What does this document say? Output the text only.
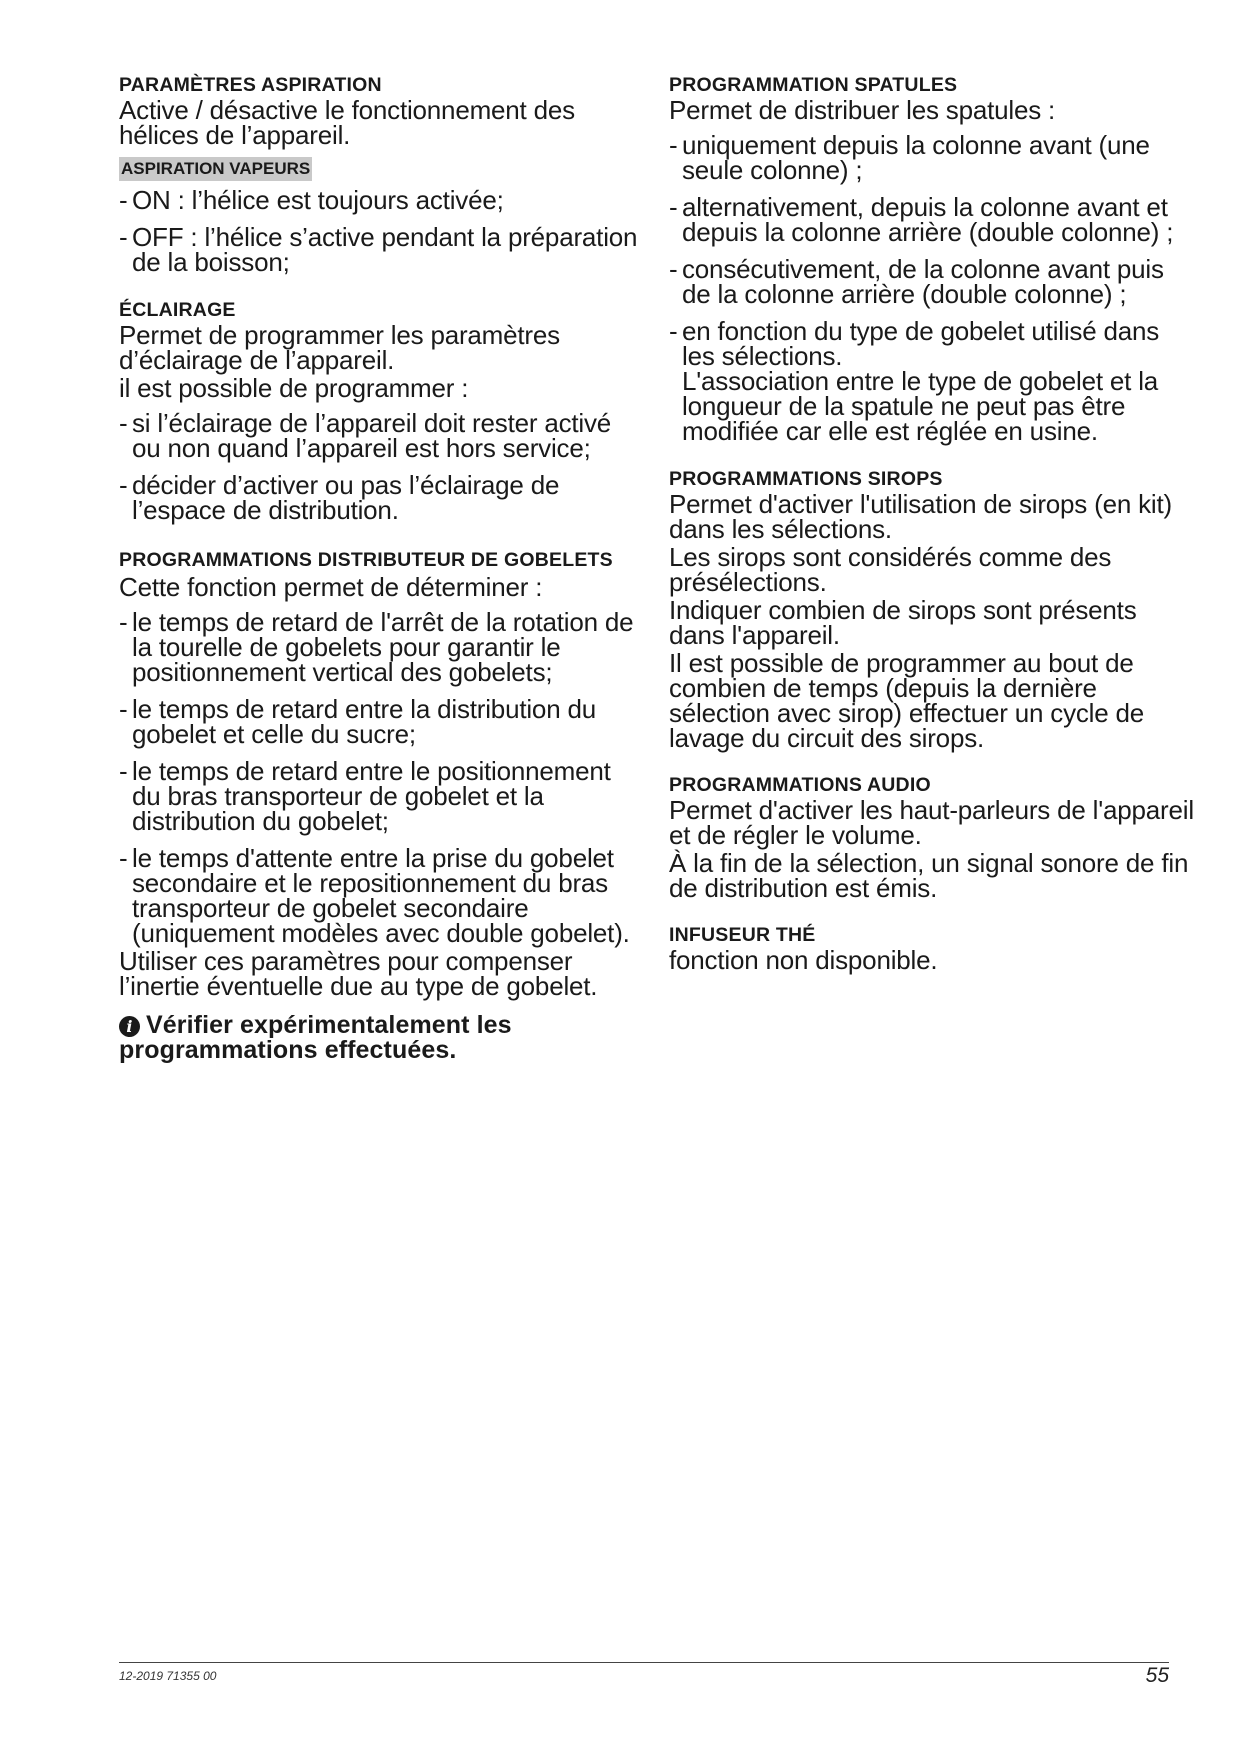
PARAMÈTRES ASPIRATION
Active / désactive le fonctionnement des hélices de l’appareil.
ASPIRATION VAPEURS
- ON : l’hélice est toujours activée;
- OFF : l’hélice s’active pendant la préparation de la boisson;
ÉCLAIRAGE
Permet de programmer les paramètres d’éclairage de l’appareil.
il est possible de programmer :
- si l’éclairage de l’appareil doit rester activé ou non quand l’appareil est hors service;
- décider d’activer ou pas l’éclairage de l’espace de distribution.
PROGRAMMATIONS DISTRIBUTEUR DE GOBELETS
Cette fonction permet de déterminer :
- le temps de retard de l'arrêt de la rotation de la tourelle de gobelets pour garantir le positionnement vertical des gobelets;
- le temps de retard entre la distribution du gobelet et celle du sucre;
- le temps de retard entre le positionnement du bras transporteur de gobelet et la distribution du gobelet;
- le temps d'attente entre la prise du gobelet secondaire et le repositionnement du bras transporteur de gobelet secondaire (uniquement modèles avec double gobelet).
Utiliser ces paramètres pour compenser l’inertie éventuelle due au type de gobelet.
i Vérifier expérimentalement les programmations effectuées.
PROGRAMMATION SPATULES
Permet de distribuer les spatules :
- uniquement depuis la colonne avant (une seule colonne) ;
- alternativement, depuis la colonne avant et depuis la colonne arrière (double colonne) ;
- consécutivement, de la colonne avant puis de la colonne arrière (double colonne) ;
- en fonction du type de gobelet utilisé dans les sélections.
L'association entre le type de gobelet et la longueur de la spatule ne peut pas être modifiée car elle est réglée en usine.
PROGRAMMATIONS SIROPS
Permet d'activer l'utilisation de sirops (en kit) dans les sélections.
Les sirops sont considérés comme des présélections.
Indiquer combien de sirops sont présents dans l'appareil.
Il est possible de programmer au bout de combien de temps (depuis la dernière sélection avec sirop) effectuer un cycle de lavage du circuit des sirops.
PROGRAMMATIONS AUDIO
Permet d'activer les haut-parleurs de l'appareil et de régler le volume.
À la fin de la sélection, un signal sonore de fin de distribution est émis.
INFUSEUR THÉ
fonction non disponible.
12-2019 71355 00	55
